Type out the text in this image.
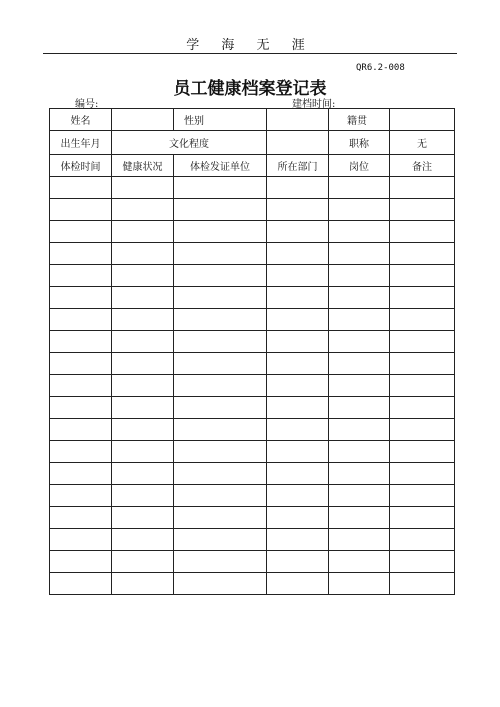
学 海 无 涯
QR6.2-008
员工健康档案登记表
编号:	建档时间:
姓名		性别		籍贯	
出生年月	文化程度			职称	无
体检时间	健康状况	体检发证单位	所在部门	岗位	备注
